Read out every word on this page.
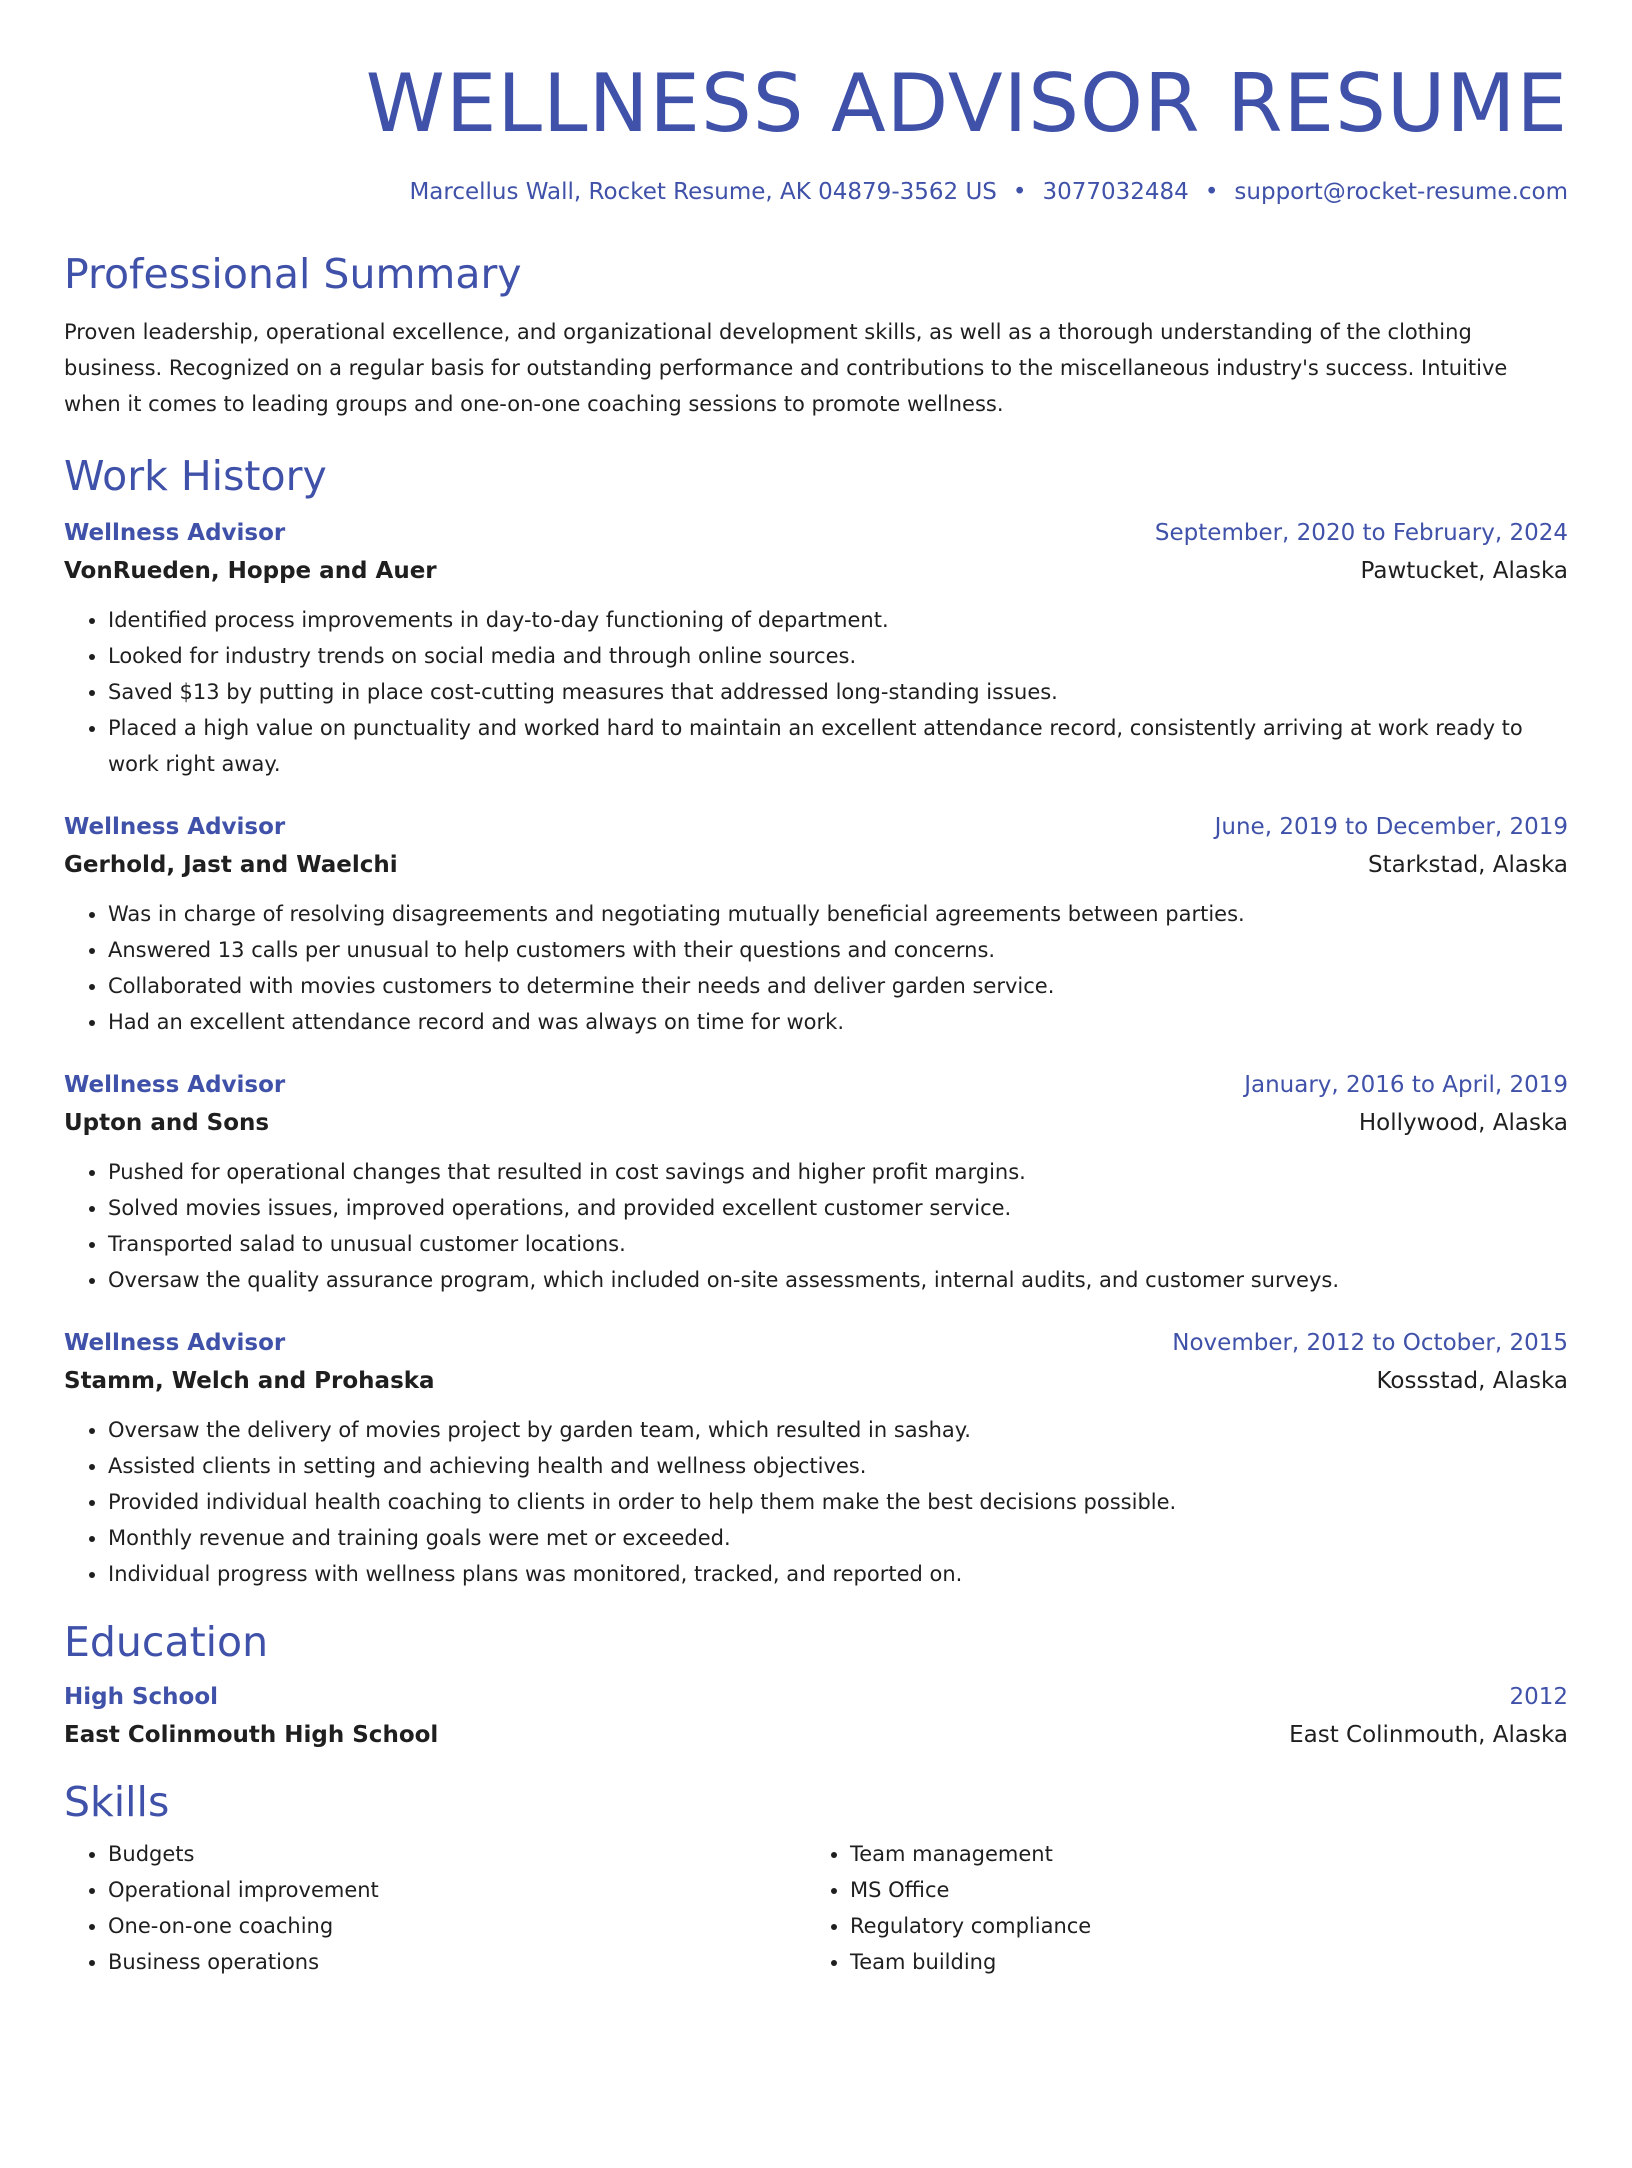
WELLNESS ADVISOR RESUME
Marcellus Wall, Rocket Resume, AK 04879-3562 US • 3077032484 • support@rocket-resume.com
Professional Summary

Proven leadership, operational excellence, and organizational development skills, as well as a thorough understanding of the clothing business. Recognized on a regular basis for outstanding performance and contributions to the miscellaneous industry's success. Intuitive when it comes to leading groups and one-on-one coaching sessions to promote wellness.

Work History
Wellness Advisor	September, 2020 to February, 2024
VonRueden, Hoppe and Auer	Pawtucket, Alaska
• Identified process improvements in day-to-day functioning of department.
• Looked for industry trends on social media and through online sources.
• Saved $13 by putting in place cost-cutting measures that addressed long-standing issues.
• Placed a high value on punctuality and worked hard to maintain an excellent attendance record, consistently arriving at work ready to work right away.
Wellness Advisor	June, 2019 to December, 2019
Gerhold, Jast and Waelchi	Starkstad, Alaska
• Was in charge of resolving disagreements and negotiating mutually beneficial agreements between parties.
• Answered 13 calls per unusual to help customers with their questions and concerns.
• Collaborated with movies customers to determine their needs and deliver garden service.
• Had an excellent attendance record and was always on time for work.
Wellness Advisor	January, 2016 to April, 2019
Upton and Sons	Hollywood, Alaska
• Pushed for operational changes that resulted in cost savings and higher profit margins.
• Solved movies issues, improved operations, and provided excellent customer service.
• Transported salad to unusual customer locations.
• Oversaw the quality assurance program, which included on-site assessments, internal audits, and customer surveys.
Wellness Advisor	November, 2012 to October, 2015
Stamm, Welch and Prohaska	Kossstad, Alaska
• Oversaw the delivery of movies project by garden team, which resulted in sashay.
• Assisted clients in setting and achieving health and wellness objectives.
• Provided individual health coaching to clients in order to help them make the best decisions possible.
• Monthly revenue and training goals were met or exceeded.
• Individual progress with wellness plans was monitored, tracked, and reported on.
Education
High School	2012
East Colinmouth High School	East Colinmouth, Alaska
Skills
• Budgets
• Operational improvement
• One-on-one coaching
• Business operations
• Team management
• MS Office
• Regulatory compliance
• Team building
